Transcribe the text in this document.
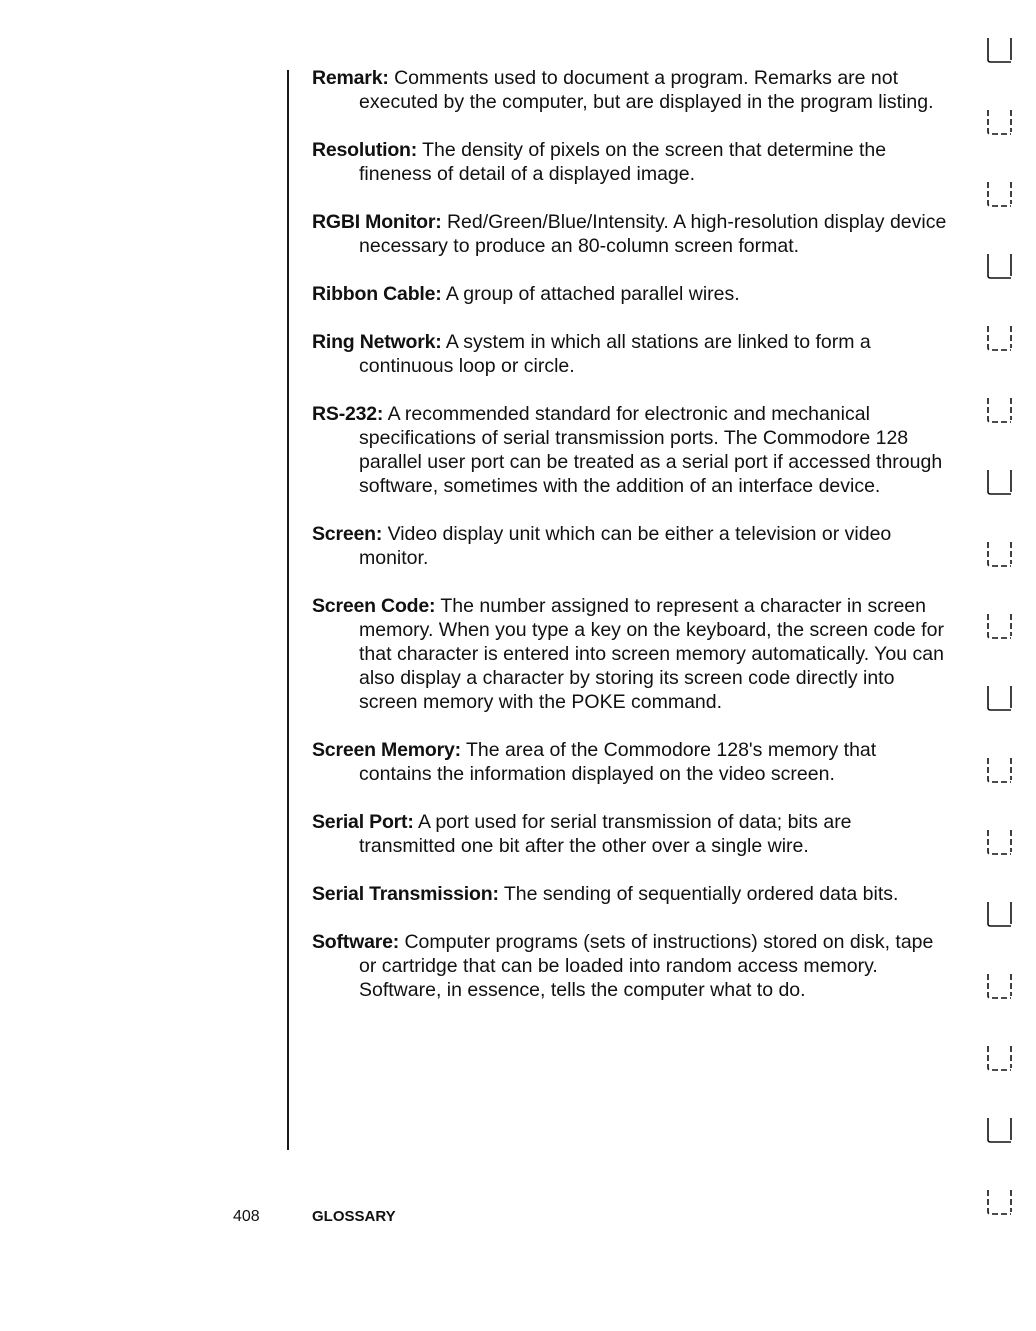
Remark: Comments used to document a program. Remarks are not executed by the computer, but are displayed in the program listing.

Resolution: The density of pixels on the screen that determine the fineness of detail of a displayed image.

RGBI Monitor: Red/Green/Blue/Intensity. A high-resolution display device necessary to produce an 80-column screen format.

Ribbon Cable: A group of attached parallel wires.

Ring Network: A system in which all stations are linked to form a continuous loop or circle.

RS-232: A recommended standard for electronic and mechanical specifications of serial transmission ports. The Commodore 128 parallel user port can be treated as a serial port if accessed through software, sometimes with the addition of an interface device.

Screen: Video display unit which can be either a television or video monitor.

Screen Code: The number assigned to represent a character in screen memory. When you type a key on the keyboard, the screen code for that character is entered into screen memory automatically. You can also display a character by storing its screen code directly into screen memory with the POKE command.

Screen Memory: The area of the Commodore 128's memory that contains the information displayed on the video screen.

Serial Port: A port used for serial transmission of data; bits are transmitted one bit after the other over a single wire.

Serial Transmission: The sending of sequentially ordered data bits.

Software: Computer programs (sets of instructions) stored on disk, tape or cartridge that can be loaded into random access memory. Software, in essence, tells the computer what to do.

408	GLOSSARY
